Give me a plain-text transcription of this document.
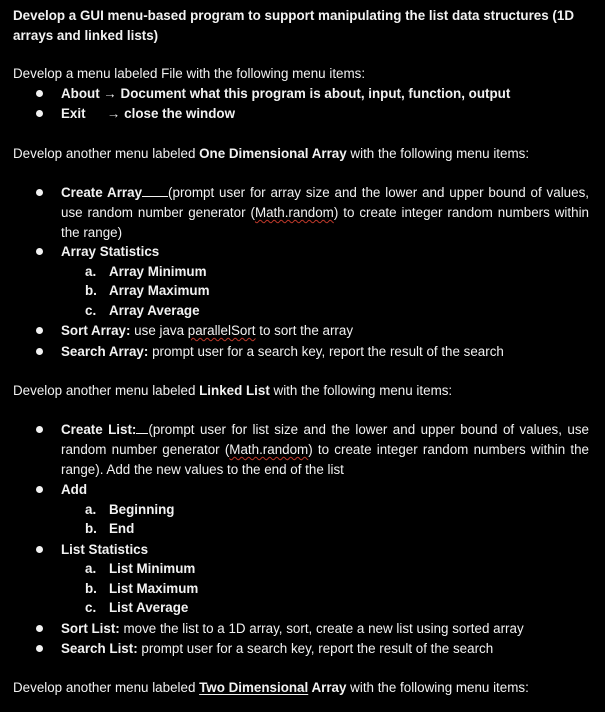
Develop a GUI menu-based program to support manipulating the list data structures (1D arrays and linked lists)

Develop a menu labeled File with the following menu items:

About → Document what this program is about, input, function, output

Exit → close the window

Develop another menu labeled One Dimensional Array with the following menu items:

Create Array (prompt user for array size and the lower and upper bound of values, use random number generator (Math.random) to create integer random numbers within the range)

Array Statistics

a. Array Minimum
b. Array Maximum
c. Array Average

Sort Array: use java parallelSort to sort the array

Search Array: prompt user for a search key, report the result of the search

Develop another menu labeled Linked List with the following menu items:

Create List: (prompt user for list size and the lower and upper bound of values, use random number generator (Math.random) to create integer random numbers within the range). Add the new values to the end of the list

Add

a. Beginning
b. End

List Statistics

a. List Minimum
b. List Maximum
c. List Average

Sort List: move the list to a 1D array, sort, create a new list using sorted array

Search List: prompt user for a search key, report the result of the search

Develop another menu labeled Two Dimensional Array with the following menu items:
